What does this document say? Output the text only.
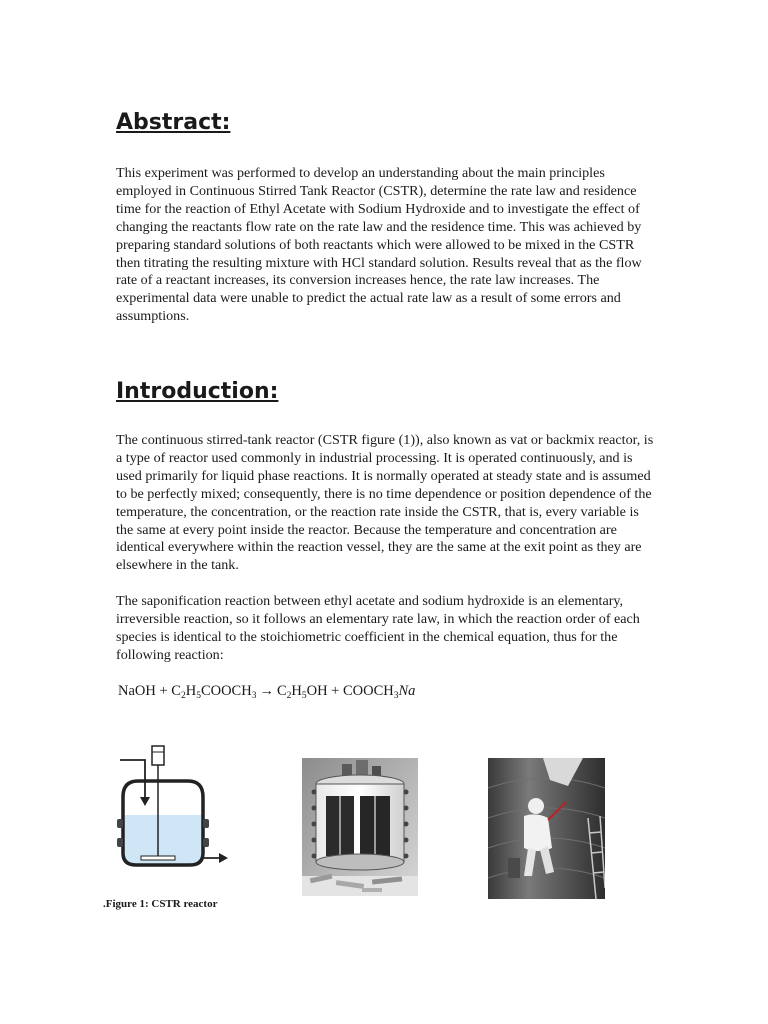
Abstract:

This experiment was performed to develop an understanding about the main principles employed in Continuous Stirred Tank Reactor (CSTR), determine the rate law and residence time for the reaction of Ethyl Acetate with Sodium Hydroxide and to investigate the effect of changing the reactants flow rate on the rate law and the residence time. This was achieved by preparing standard solutions of both reactants which were allowed to be mixed in the CSTR then titrating the resulting mixture with HCl standard solution. Results reveal that as the flow rate of a reactant increases, its conversion increases hence, the rate law increases. The experimental data were unable to predict the actual rate law as a result of some errors and assumptions.

Introduction:

The continuous stirred-tank reactor (CSTR figure (1)), also known as vat or backmix reactor, is a type of reactor used commonly in industrial processing. It is operated continuously, and is used primarily for liquid phase reactions. It is normally operated at steady state and is assumed to be perfectly mixed; consequently, there is no time dependence or position dependence of the temperature, the concentration, or the reaction rate inside the CSTR, that is, every variable is the same at every point inside the reactor. Because the temperature and concentration are identical everywhere within the reaction vessel, they are the same at the exit point as they are elsewhere in the tank.

The saponification reaction between ethyl acetate and sodium hydroxide is an elementary, irreversible reaction, so it follows an elementary rate law, in which the reaction order of each species is identical to the stoichiometric coefficient in the chemical equation, thus for the following reaction:

NaOH + $C_2H_5COOCH_3 \to C_2H_5OH$ + $COOCH_3Na$
.Figure 1: CSTR reactor
